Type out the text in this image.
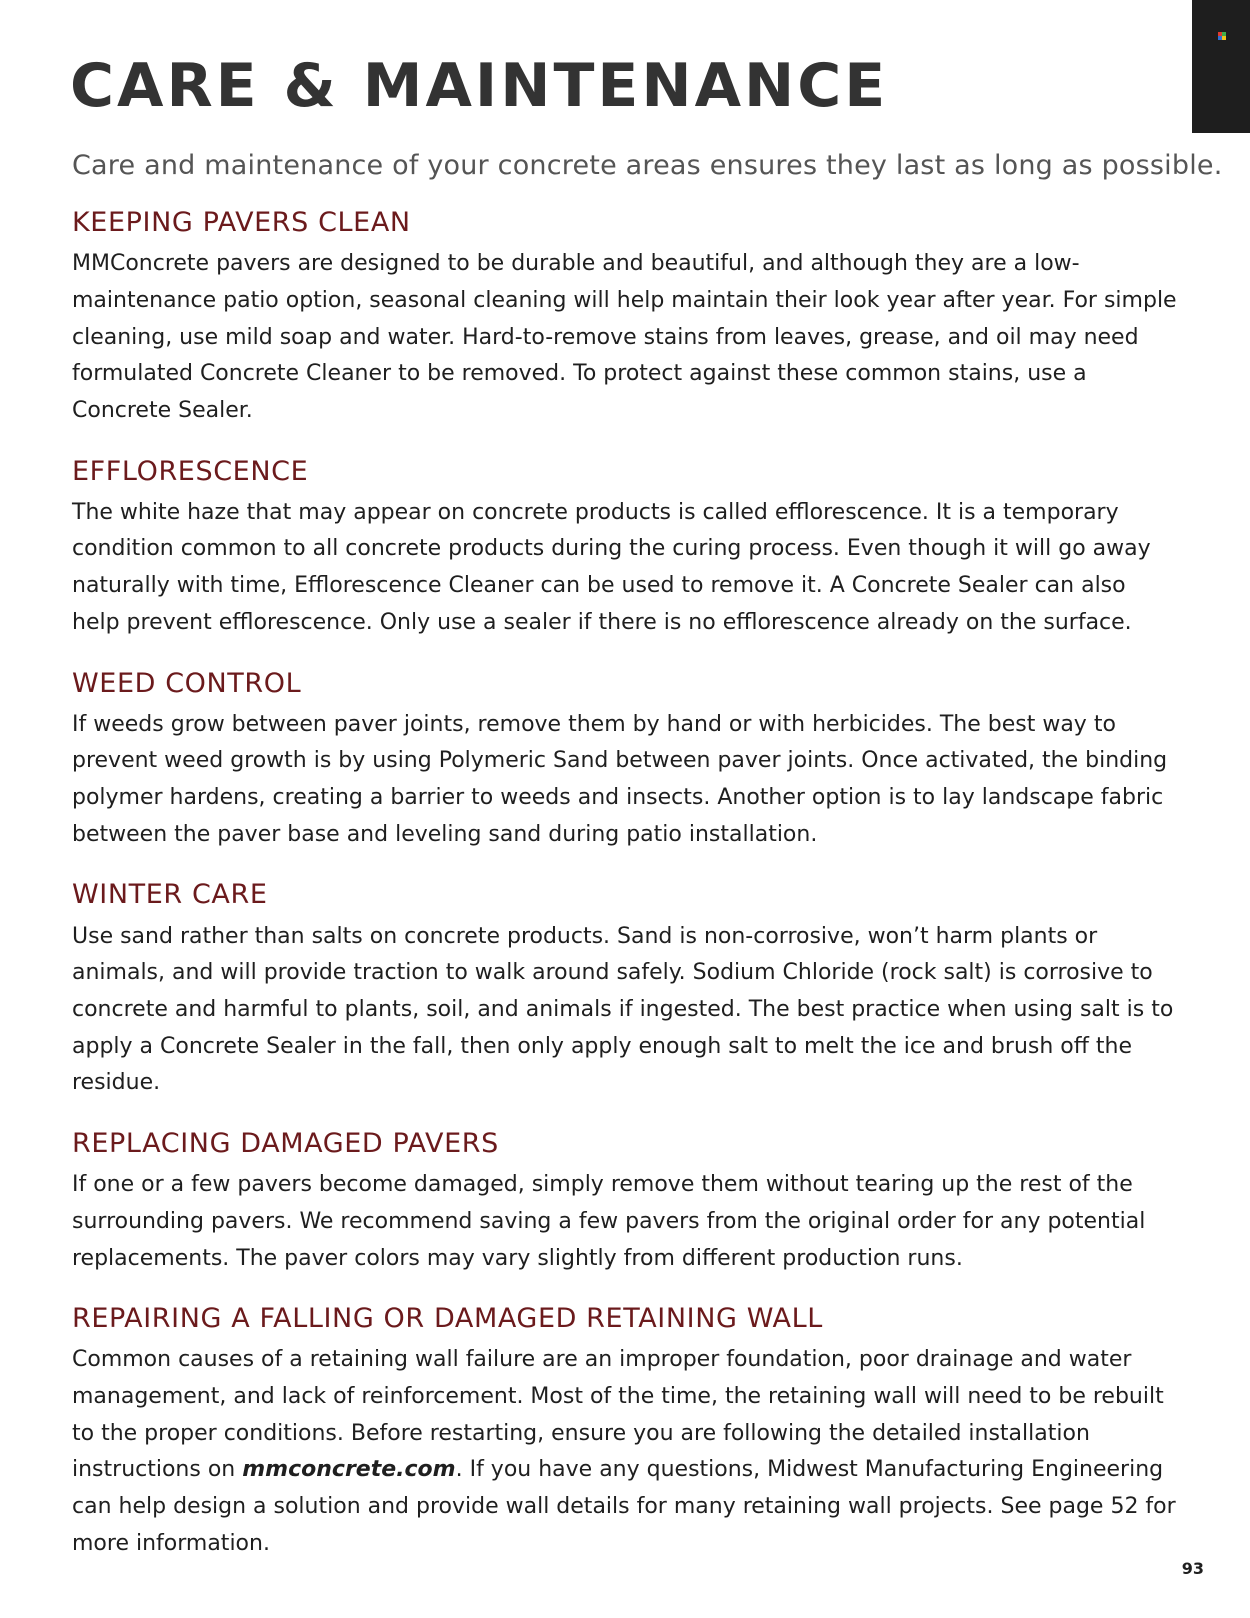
CARE & MAINTENANCE

Care and maintenance of your concrete areas ensures they last as long as possible.

KEEPING PAVERS CLEAN

MMConcrete pavers are designed to be durable and beautiful, and although they are a low-maintenance patio option, seasonal cleaning will help maintain their look year after year. For simple cleaning, use mild soap and water. Hard-to-remove stains from leaves, grease, and oil may need formulated Concrete Cleaner to be removed. To protect against these common stains, use a Concrete Sealer.

EFFLORESCENCE

The white haze that may appear on concrete products is called efflorescence. It is a temporary condition common to all concrete products during the curing process. Even though it will go away naturally with time, Efflorescence Cleaner can be used to remove it. A Concrete Sealer can also help prevent efflorescence. Only use a sealer if there is no efflorescence already on the surface.

WEED CONTROL

If weeds grow between paver joints, remove them by hand or with herbicides. The best way to prevent weed growth is by using Polymeric Sand between paver joints. Once activated, the binding polymer hardens, creating a barrier to weeds and insects. Another option is to lay landscape fabric between the paver base and leveling sand during patio installation.

WINTER CARE

Use sand rather than salts on concrete products. Sand is non-corrosive, won’t harm plants or animals, and will provide traction to walk around safely. Sodium Chloride (rock salt) is corrosive to concrete and harmful to plants, soil, and animals if ingested. The best practice when using salt is to apply a Concrete Sealer in the fall, then only apply enough salt to melt the ice and brush off the residue.

REPLACING DAMAGED PAVERS

If one or a few pavers become damaged, simply remove them without tearing up the rest of the surrounding pavers. We recommend saving a few pavers from the original order for any potential replacements. The paver colors may vary slightly from different production runs.

REPAIRING A FALLING OR DAMAGED RETAINING WALL

Common causes of a retaining wall failure are an improper foundation, poor drainage and water management, and lack of reinforcement. Most of the time, the retaining wall will need to be rebuilt to the proper conditions. Before restarting, ensure you are following the detailed installation instructions on mmconcrete.com. If you have any questions, Midwest Manufacturing Engineering can help design a solution and provide wall details for many retaining wall projects. See page 52 for more information.

93
